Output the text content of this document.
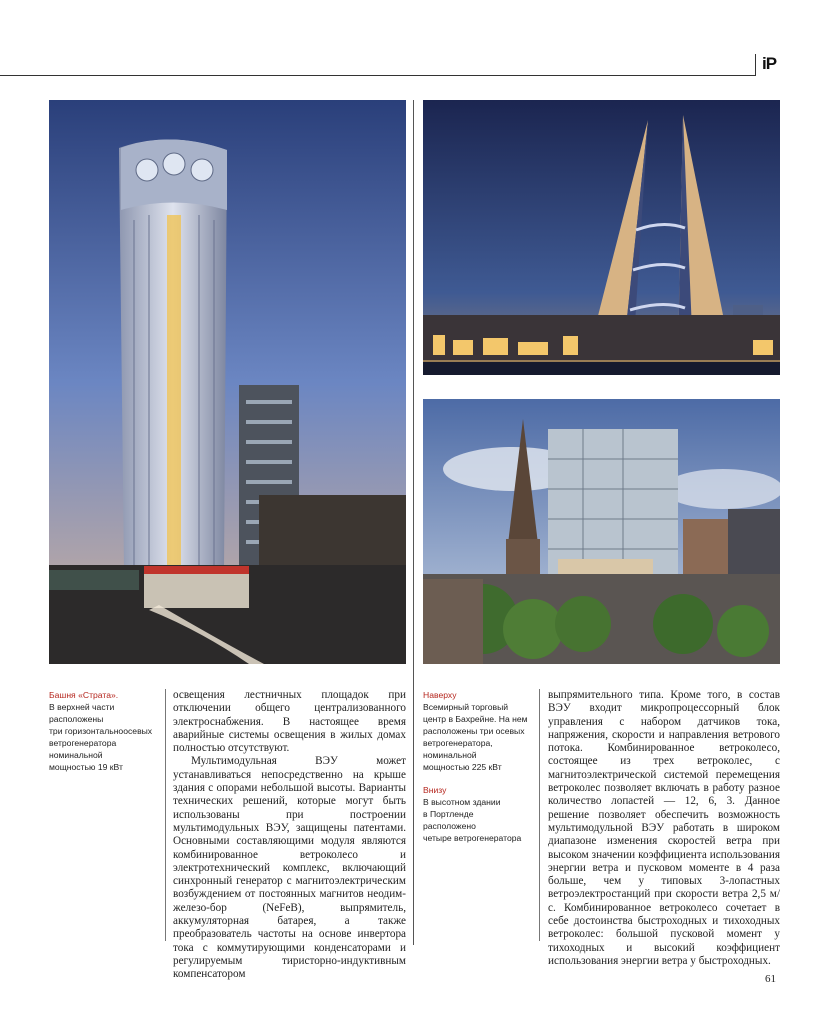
iP
Башня «Страта».
В верхней части
расположены
три горизонтальноосевых
ветрогенератора
номинальной
мощностью 19 кВт
Наверху
Всемирный торговый
центр в Бахрейне. На нем
расположены три осевых
ветрогенератора,
номинальной
мощностью 225 кВт
Внизу
В высотном здании
в Портленде расположено
четыре ветрогенератора

освещения лестничных площадок при отключении общего централизованного электроснабжения. В настоящее время аварийные системы освещения в жилых домах полностью отсутствуют.

Мультимодульная ВЭУ может устанавливаться непосредственно на крыше здания с опорами небольшой высоты. Варианты технических решений, которые могут быть использованы при построении мультимодульных ВЭУ, защищены патентами. Основными составляющими модуля являются комбинированное ветроколесо и электротехнический комплекс, включающий синхронный генератор с магнитоэлектрическим возбуждением от постоянных магнитов неодим-железо-бор (NeFeB), выпрямитель, аккумуляторная батарея, а также преобразователь частоты на основе инвертора тока с коммутирующими конденсаторами и регулируемым тиристорно-индуктивным компенсатором

выпрямительного типа. Кроме того, в состав ВЭУ входит микропроцессорный блок управления с набором датчиков тока, напряжения, скорости и направления ветрового потока. Комбинированное ветроколесо, состоящее из трех ветроколес, с магнитоэлектрической системой перемещения ветроколес позволяет включать в работу разное количество лопастей — 12, 6, 3. Данное решение позволяет обеспечить возможность мультимодульной ВЭУ работать в широком диапазоне изменения скоростей ветра при высоком значении коэффициента использования энергии ветра и пусковом моменте в 4 раза больше, чем у типовых 3-лопастных ветроэлектростанций при скорости ветра 2,5 м/с. Комбинированное ветроколесо сочетает в себе достоинства быстроходных и тихоходных ветроколес: большой пусковой момент у тихоходных и высокий коэффициент использования энергии ветра у быстроходных.

61
